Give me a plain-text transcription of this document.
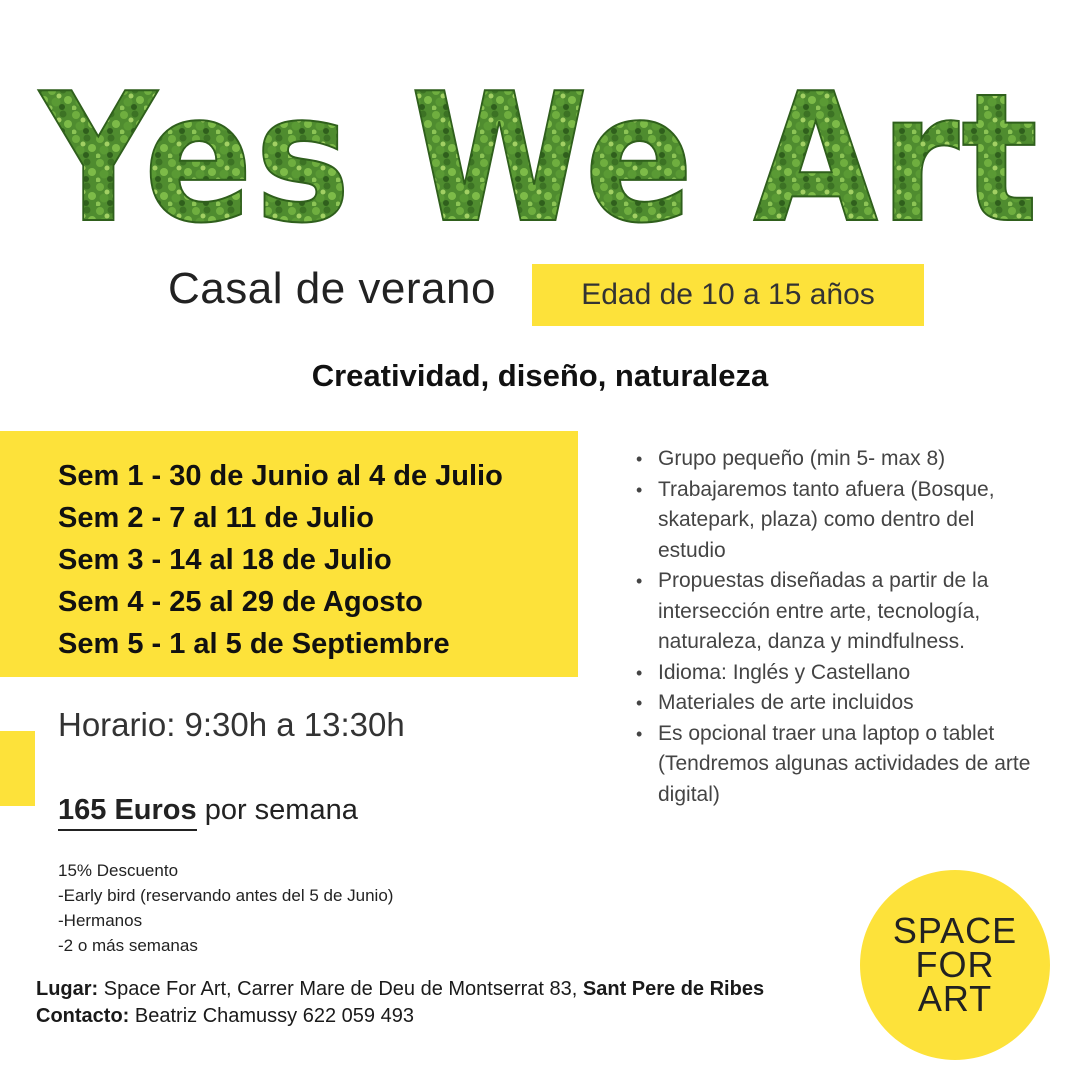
Yes We Art
Casal de verano	Edad de 10 a 15 años
Creatividad, diseño, naturaleza
Sem 1 - 30 de Junio al 4 de Julio
Sem 2 - 7 al 11 de Julio
Sem 3 - 14 al 18 de Julio
Sem 4 - 25 al 29 de Agosto
Sem 5 - 1 al 5 de Septiembre
Horario: 9:30h a 13:30h
165 Euros por semana
15% Descuento
-Early bird (reservando antes del 5 de Junio)
-Hermanos
-2 o más semanas
• Grupo pequeño (min 5- max 8)
• Trabajaremos tanto afuera (Bosque, skatepark, plaza) como dentro del estudio
• Propuestas diseñadas a partir de la intersección entre arte, tecnología, naturaleza, danza y mindfulness.
• Idioma: Inglés y Castellano
• Materiales de arte incluidos
• Es opcional traer una laptop o tablet (Tendremos algunas actividades de arte digital)
Lugar: Space For Art, Carrer Mare de Deu de Montserrat 83, Sant Pere de Ribes
Contacto: Beatriz Chamussy 622 059 493
SPACE
FOR
ART
